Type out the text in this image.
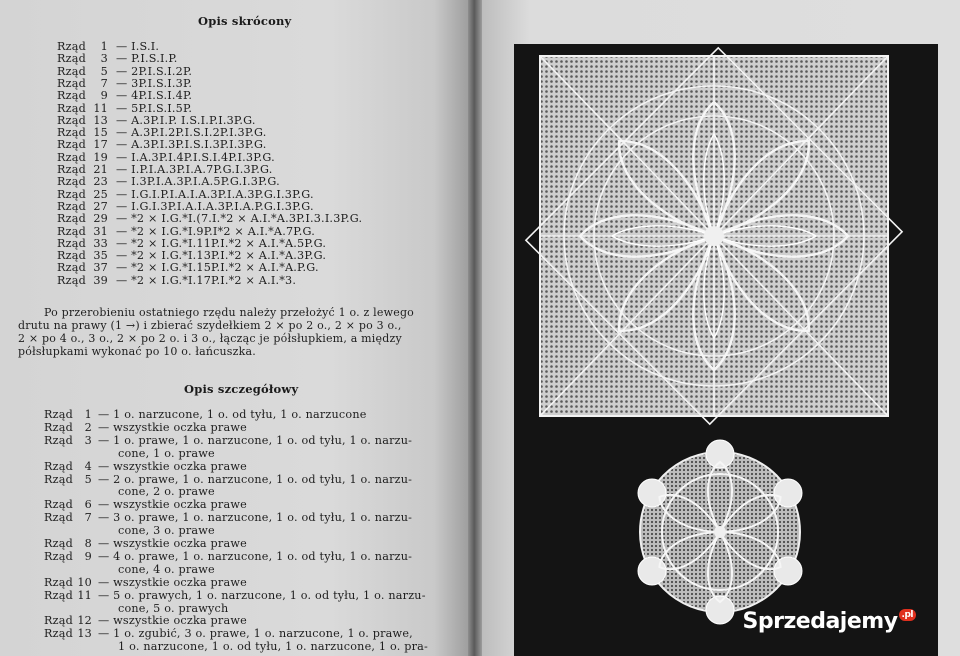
Opis skrócony
Rząd	1 — I.S.I.
Rząd	3 — P.I.S.I.P.
Rząd	5 — 2P.I.S.I.2P.
Rząd	7 — 3P.I.S.I.3P.
Rząd	9 — 4P.I.S.I.4P.
Rząd 11 — 5P.I.S.I.5P.
Rząd 13 — A.3P.I.P. I.S.I.P.I.3P.G.
Rząd 15 — A.3P.I.2P.I.S.I.2P.I.3P.G.
Rząd 17 — A.3P.I.3P.I.S.I.3P.I.3P.G.
Rząd 19 — I.A.3P.I.4P.I.S.I.4P.I.3P.G.
Rząd 21 — I.P.I.A.3P.I.A.7P.G.I.3P.G.
Rząd 23 — I.3P.I.A.3P.I.A.5P.G.I.3P.G.
Rząd 25 — I.G.I.P.I.A.I.A.3P.I.A.3P.G.I.3P.G.
Rząd 27 — I.G.I.3P.I.A.I.A.3P.I.A.P.G.I.3P.G.
Rząd 29 — *2 × I.G.*I.(7.I.*2 × A.I.*A.3P.I.3.I.3P.G.
Rząd 31 — *2 × I.G.*I.9P.I*2 × A.I.*A.7P.G.
Rząd 33 — *2 × I.G.*I.11P.I.*2 × A.I.*A.5P.G.
Rząd 35 — *2 × I.G.*I.13P.I.*2 × A.I.*A.3P.G.
Rząd 37 — *2 × I.G.*I.15P.I.*2 × A.I.*A.P.G.
Rząd 39 — *2 × I.G.*I.17P.I.*2 × A.I.*3.
Po przerobieniu ostatniego rzędu należy przełożyć 1 o. z lewego
drutu na prawy (1 →) i zbierać szydełkiem 2 × po 2 o., 2 × po 3 o.,
2 × po 4 o., 3 o., 2 × po 2 o. i 3 o., łącząc je półsłupkiem, a między
półsłupkami wykonać po 10 o. łańcuszka.
Opis szczegółowy
Rząd	1 — 1 o. narzucone, 1 o. od tyłu, 1 o. narzucone
Rząd	2 — wszystkie oczka prawe
Rząd	3 — 1 o. prawe, 1 o. narzucone, 1 o. od tyłu, 1 o. narzu-
cone, 1 o. prawe
Rząd	4 — wszystkie oczka prawe
Rząd	5 — 2 o. prawe, 1 o. narzucone, 1 o. od tyłu, 1 o. narzu-
cone, 2 o. prawe
Rząd	6 — wszystkie oczka prawe
Rząd	7 — 3 o. prawe, 1 o. narzucone, 1 o. od tyłu, 1 o. narzu-
cone, 3 o. prawe
Rząd	8 — wszystkie oczka prawe
Rząd	9 — 4 o. prawe, 1 o. narzucone, 1 o. od tyłu, 1 o. narzu-
cone, 4 o. prawe
Rząd 10 — wszystkie oczka prawe
Rząd 11 — 5 o. prawych, 1 o. narzucone, 1 o. od tyłu, 1 o. narzu-
cone, 5 o. prawych
Rząd 12 — wszystkie oczka prawe
Rząd 13 — 1 o. zgubić, 3 o. prawe, 1 o. narzucone, 1 o. prawe,
1 o. narzucone, 1 o. od tyłu, 1 o. narzucone, 1 o. pra-
Sprzedajemy .pl
